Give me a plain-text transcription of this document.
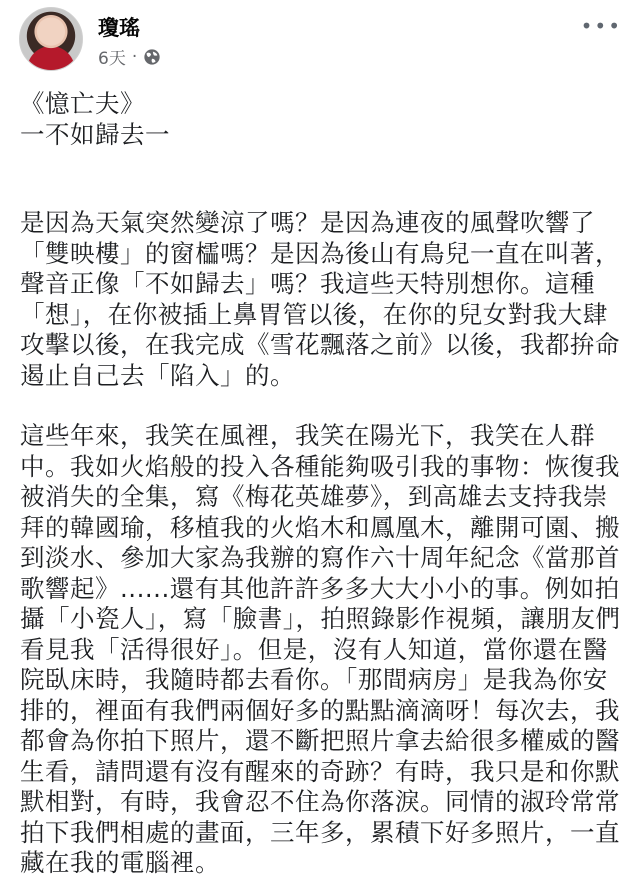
瓊瑤
6天 ·
•••

《憶亡夫》

一不如歸去一

是因為天氣突然變涼了嗎？是因為連夜的風聲吹響了「雙映樓」的窗櫺嗎？是因為後山有鳥兒一直在叫著，聲音正像「不如歸去」嗎？我這些天特別想你。這種「想」，在你被插上鼻胃管以後，在你的兒女對我大肆攻擊以後，在我完成《雪花飄落之前》以後，我都拚命遏止自己去「陷入」的。

這些年來，我笑在風裡，我笑在陽光下，我笑在人群中。我如火焰般的投入各種能夠吸引我的事物：恢復我被消失的全集，寫《梅花英雄夢》，到高雄去支持我崇拜的韓國瑜，移植我的火焰木和鳳凰木，離開可園、搬到淡水、參加大家為我辦的寫作六十周年紀念《當那首歌響起》......還有其他許許多多大大小小的事。例如拍攝「小瓷人」，寫「臉書」，拍照錄影作視頻，讓朋友們看見我「活得很好」。但是，沒有人知道，當你還在醫院臥床時，我隨時都去看你。「那間病房」是我為你安排的，裡面有我們兩個好多的點點滴滴呀！每次去，我都會為你拍下照片，還不斷把照片拿去給很多權威的醫生看，請問還有沒有醒來的奇跡？有時，我只是和你默默相對，有時，我會忍不住為你落淚。同情的淑玲常常拍下我們相處的畫面，三年多，累積下好多照片，一直藏在我的電腦裡。
